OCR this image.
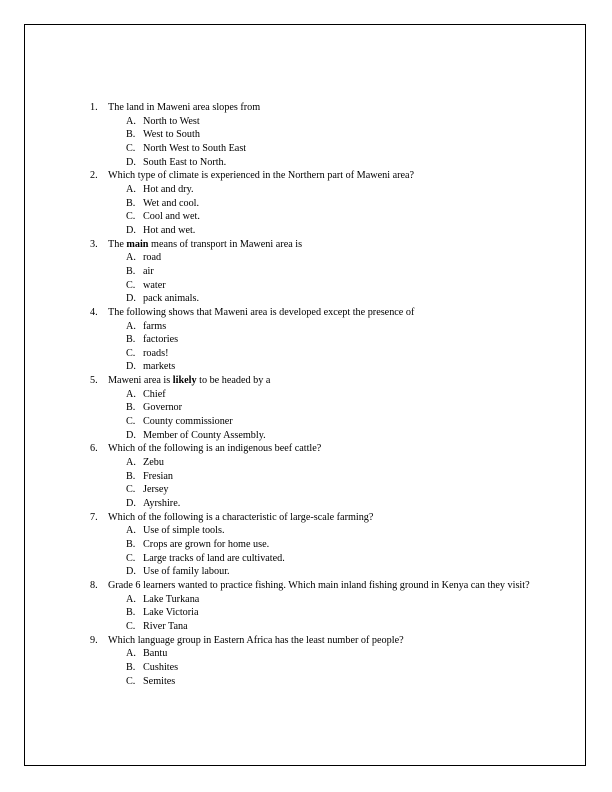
1. The land in Maweni area slopes from
A. North to West
B. West to South
C. North West to South East
D. South East to North.
2. Which type of climate is experienced in the Northern part of Maweni area?
A. Hot and dry.
B. Wet and cool.
C. Cool and wet.
D. Hot and wet.
3. The main means of transport in Maweni area is
A. road
B. air
C. water
D. pack animals.
4. The following shows that Maweni area is developed except the presence of
A. farms
B. factories
C. roads!
D. markets
5. Maweni area is likely to be headed by a
A. Chief
B. Governor
C. County commissioner
D. Member of County Assembly.
6. Which of the following is an indigenous beef cattle?
A. Zebu
B. Fresian
C. Jersey
D. Ayrshire.
7. Which of the following is a characteristic of large-scale farming?
A. Use of simple tools.
B. Crops are grown for home use.
C. Large tracks of land are cultivated.
D. Use of family labour.
8. Grade 6 learners wanted to practice fishing. Which main inland fishing ground in Kenya can they visit?
A. Lake Turkana
B. Lake Victoria
C. River Tana
9. Which language group in Eastern Africa has the least number of people?
A. Bantu
B. Cushites
C. Semites
